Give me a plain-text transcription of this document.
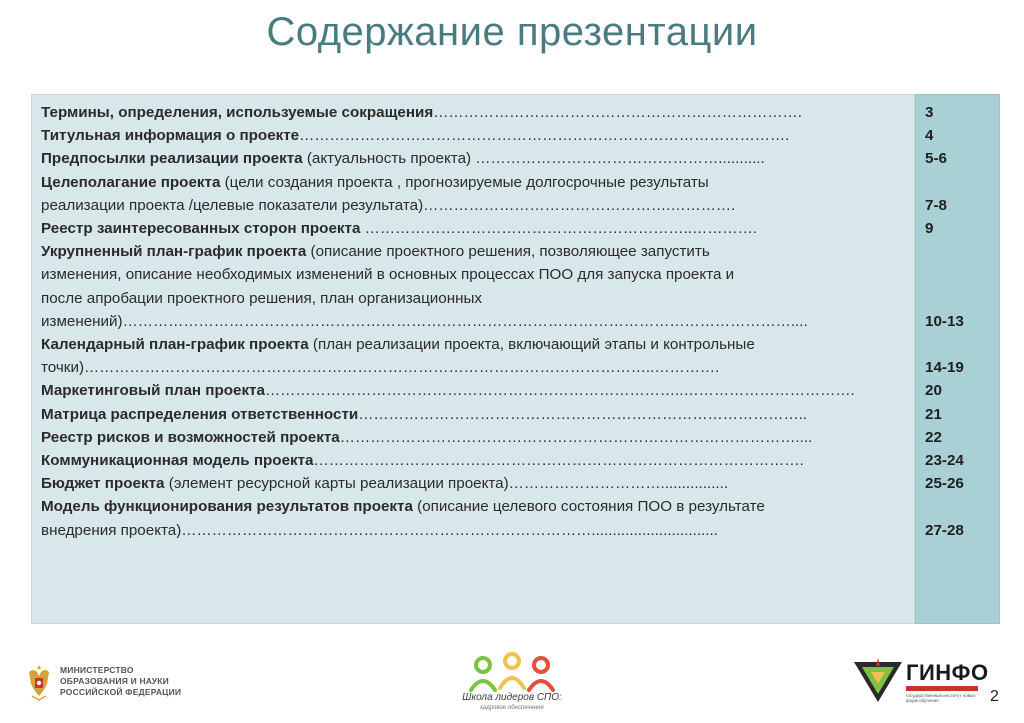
Содержание презентации
Термины, определения, используемые сокращения……………………………………………………………….
Титульная информация о проекте…………………………………………………………………………………….
Предпосылки реализации проекта (актуальность проекта) …………………………………………...........
Целеполагание проекта (цели создания проекта , прогнозируемые долгосрочные результаты
реализации проекта /целевые показатели результата)………………………………………….………….
Реестр заинтересованных сторон проекта ………………………………………………………..………….
Укрупненный план-график проекта (описание проектного решения, позволяющее запустить
изменения, описание необходимых изменений в основных процессах ПОО для запуска проекта и
после апробации проектного решения, план организационных
изменений)……………………………………………………………………………………………………………………....
Календарный план-график проекта (план реализации проекта, включающий этапы и контрольные
точки)…………………………………………………………………………………………………..………….
Маркетинговый план проекта………………………………………………………………………..…………………………….
Матрица распределения ответственности……………………………………………………………………………..
Реестр рисков и возможностей проекта………………………………………………………………………………....
Коммуникационная модель проекта…………………………………………………………………………………….
Бюджет проекта (элемент ресурсной карты реализации проекта)…………………………................
Модель функционирования результатов проекта (описание целевого состояния ПОО в результате
внедрения проекта)………………………………………………………………………..............................
3
4
5-6
7-8
9
10-13
14-19
20
21
22
23-24
25-26
27-28
МИНИСТЕРСТВО
ОБРАЗОВАНИЯ И НАУКИ
РОССИЙСКОЙ ФЕДЕРАЦИИ	Школа лидеров СПО:
кадровое обеспечение
ГИНФО
государственный институт новых форм обучения	2
